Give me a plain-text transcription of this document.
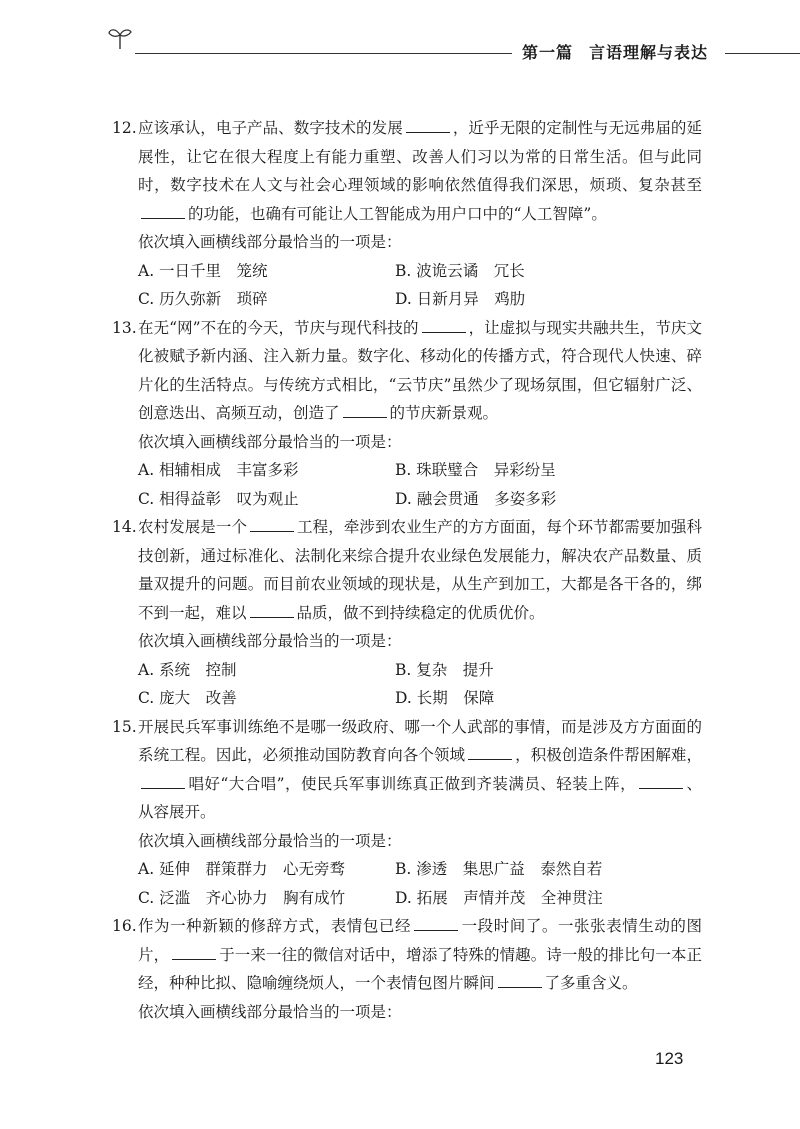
第一篇 言语理解与表达
12. 应该承认，电子产品、数字技术的发展	，近乎无限的定制性与无远弗届的延展性，让它在很大程度上有能力重塑、改善人们习以为常的日常生活。但与此同时，数字技术在人文与社会心理领域的影响依然值得我们深思，烦琐、复杂甚至的功能，也确有可能让人工智能成为用户口中的“人工智障”。
依次填入画横线部分最恰当的一项是：
A. 一日千里　笼统	B. 波诡云谲　冗长
C. 历久弥新　琐碎	D. 日新月异　鸡肋
13. 在无“网”不在的今天，节庆与现代科技的	，让虚拟与现实共融共生，节庆文化被赋予新内涵、注入新力量。数字化、移动化的传播方式，符合现代人快速、碎片化的生活特点。与传统方式相比，“云节庆”虽然少了现场氛围，但它辐射广泛、创意迭出、高频互动，创造了	的节庆新景观。
依次填入画横线部分最恰当的一项是：
A. 相辅相成　丰富多彩	B. 珠联璧合　异彩纷呈
C. 相得益彰　叹为观止	D. 融会贯通　多姿多彩
14. 农村发展是一个	工程，牵涉到农业生产的方方面面，每个环节都需要加强科技创新，通过标准化、法制化来综合提升农业绿色发展能力，解决农产品数量、质量双提升的问题。而目前农业领域的现状是，从生产到加工，大都是各干各的，绑不到一起，难以	品质，做不到持续稳定的优质优价。
依次填入画横线部分最恰当的一项是：
A. 系统　控制	B. 复杂　提升
C. 庞大　改善	D. 长期　保障
15. 开展民兵军事训练绝不是哪一级政府、哪一个人武部的事情，而是涉及方方面面的系统工程。因此，必须推动国防教育向各个领域	，积极创造条件帮困解难，唱好“大合唱”，使民兵军事训练真正做到齐装满员、轻装上阵，	、从容展开。
依次填入画横线部分最恰当的一项是：
A. 延伸　群策群力　心无旁骛	B. 渗透　集思广益　泰然自若
C. 泛滥　齐心协力　胸有成竹	D. 拓展　声情并茂　全神贯注
16. 作为一种新颖的修辞方式，表情包已经	一段时间了。一张张表情生动的图片，	于一来一往的微信对话中，增添了特殊的情趣。诗一般的排比句一本正经，种种比拟、隐喻缠绕烦人，一个表情包图片瞬间	了多重含义。
依次填入画横线部分最恰当的一项是：
123
